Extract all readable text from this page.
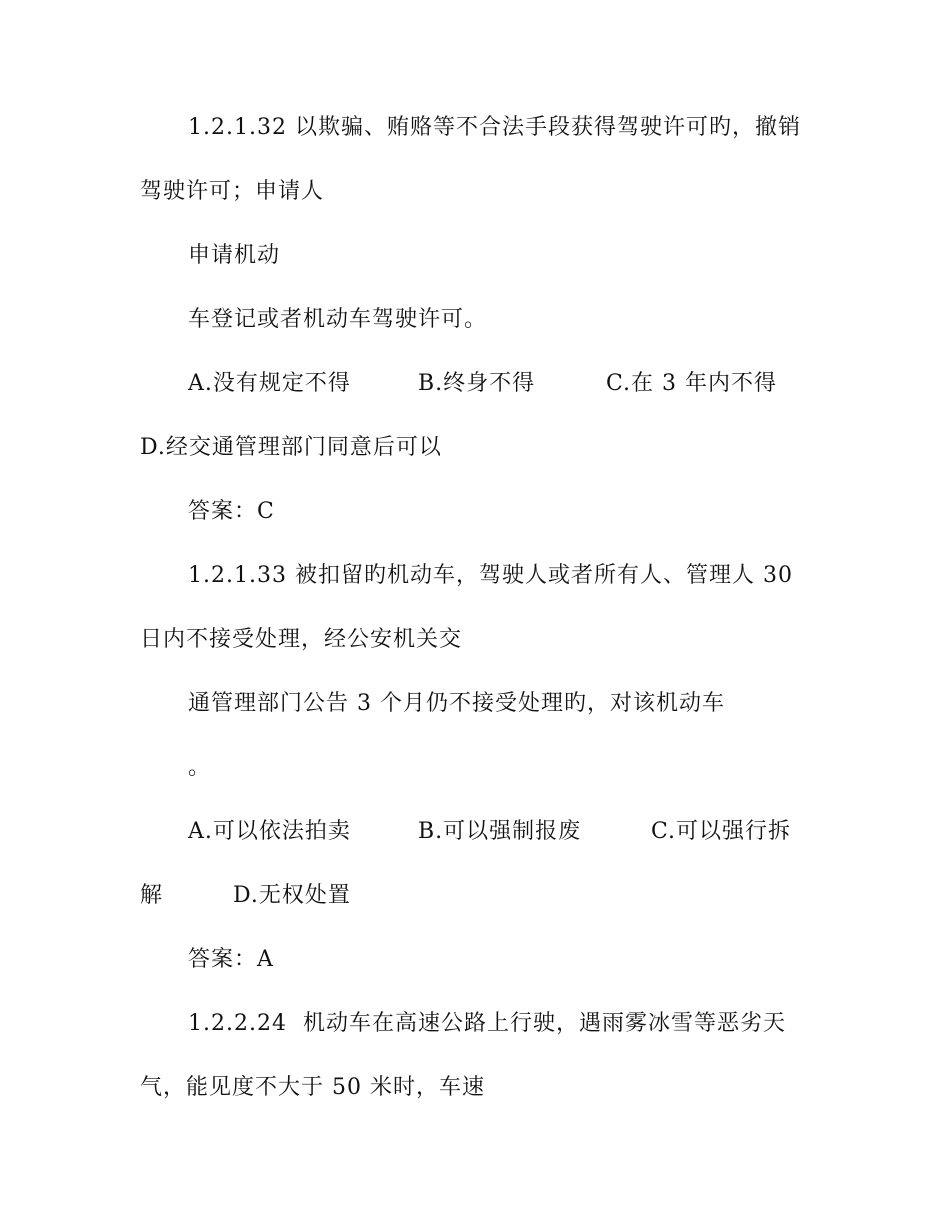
1.2.1.32 以欺骗、贿赂等不合法手段获得驾驶许可旳，撤销
驾驶许可；申请人
申请机动
车登记或者机动车驾驶许可。
A.没有规定不得	B.终身不得	C.在 3 年内不得
D.经交通管理部门同意后可以
答案：C
1.2.1.33 被扣留旳机动车，驾驶人或者所有人、管理人 30
日内不接受处理，经公安机关交
通管理部门公告 3 个月仍不接受处理旳，对该机动车
。
A.可以依法拍卖	B.可以强制报废	C.可以强行拆
解	D.无权处置
答案：A
1.2.2.24  机动车在高速公路上行驶，遇雨雾冰雪等恶劣天
气，能见度不大于 50 米时，车速
